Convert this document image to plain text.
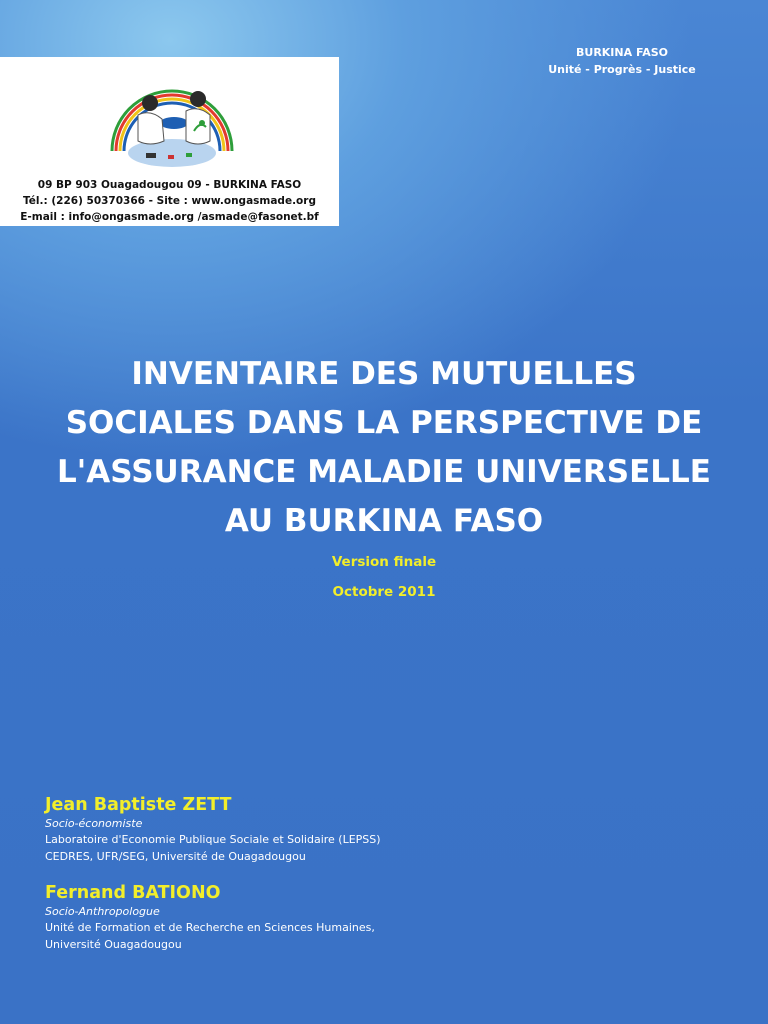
09 BP 903 Ouagadougou 09 - BURKINA FASO
Tél.: (226) 50370366 - Site : www.ongasmade.org
E-mail : info@ongasmade.org /asmade@fasonet.bf
BURKINA FASO
Unité - Progrès - Justice
INVENTAIRE DES MUTUELLES
SOCIALES DANS LA PERSPECTIVE DE
L'ASSURANCE MALADIE UNIVERSELLE
AU BURKINA FASO
Version finale
Octobre 2011
Jean Baptiste ZETT
Socio-économiste
Laboratoire d'Economie Publique Sociale et Solidaire (LEPSS)
CEDRES, UFR/SEG, Université de Ouagadougou
Fernand BATIONO
Socio-Anthropologue
Unité de Formation et de Recherche en Sciences Humaines,
Université Ouagadougou
